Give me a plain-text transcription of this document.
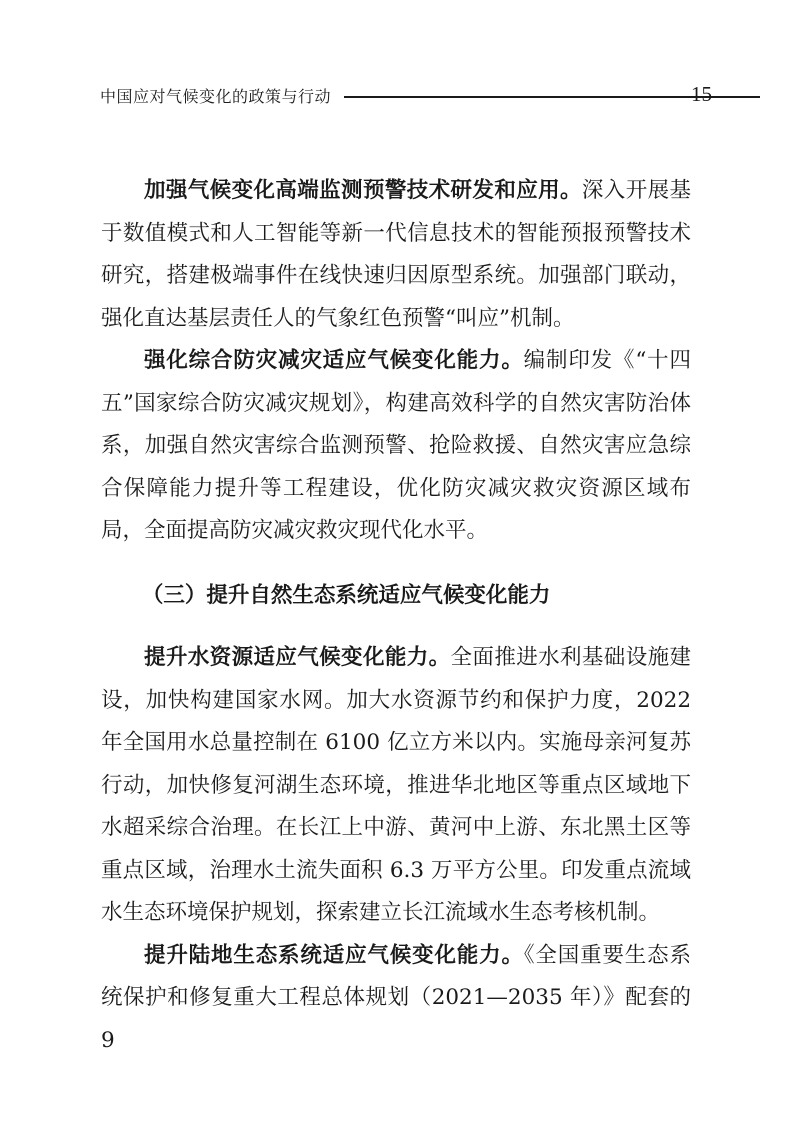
中国应对气候变化的政策与行动	15

加强气候变化高端监测预警技术研发和应用。深入开展基于数值模式和人工智能等新一代信息技术的智能预报预警技术研究，搭建极端事件在线快速归因原型系统。加强部门联动，强化直达基层责任人的气象红色预警“叫应”机制。

强化综合防灾减灾适应气候变化能力。编制印发《“十四五”国家综合防灾减灾规划》，构建高效科学的自然灾害防治体系，加强自然灾害综合监测预警、抢险救援、自然灾害应急综合保障能力提升等工程建设，优化防灾减灾救灾资源区域布局，全面提高防灾减灾救灾现代化水平。

（三）提升自然生态系统适应气候变化能力

提升水资源适应气候变化能力。全面推进水利基础设施建设，加快构建国家水网。加大水资源节约和保护力度，2022 年全国用水总量控制在 6100 亿立方米以内。实施母亲河复苏行动，加快修复河湖生态环境，推进华北地区等重点区域地下水超采综合治理。在长江上中游、黄河中上游、东北黑土区等重点区域，治理水土流失面积 6.3 万平方公里。印发重点流域水生态环境保护规划，探索建立长江流域水生态考核机制。

提升陆地生态系统适应气候变化能力。《全国重要生态系统保护和修复重大工程总体规划（2021—2035 年）》配套的 9
